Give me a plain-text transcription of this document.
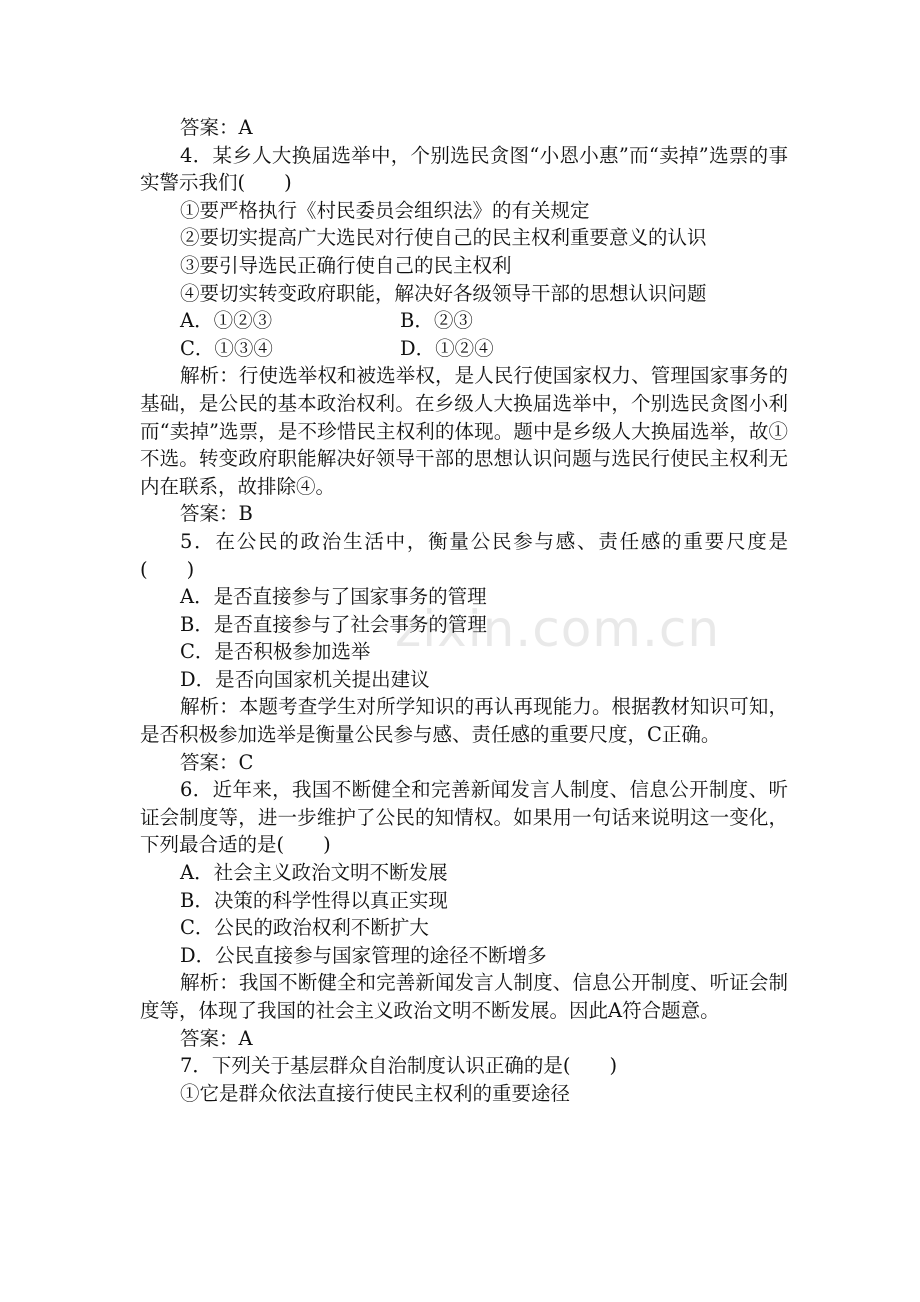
zixin.com.cn

答案：A

4．某乡人大换届选举中，个别选民贪图“小恩小惠”而“卖掉”选票的事实警示我们(　　)

①要严格执行《村民委员会组织法》的有关规定

②要切实提高广大选民对行使自己的民主权利重要意义的认识

③要引导选民正确行使自己的民主权利

④要切实转变政府职能，解决好各级领导干部的思想认识问题

A．①②③	B．②③
C．①③④	D．①②④

解析：行使选举权和被选举权，是人民行使国家权力、管理国家事务的基础，是公民的基本政治权利。在乡级人大换届选举中，个别选民贪图小利而“卖掉”选票，是不珍惜民主权利的体现。题中是乡级人大换届选举，故①不选。转变政府职能解决好领导干部的思想认识问题与选民行使民主权利无内在联系，故排除④。

答案：B

5．在公民的政治生活中，衡量公民参与感、责任感的重要尺度是(　　)

A．是否直接参与了国家事务的管理

B．是否直接参与了社会事务的管理

C．是否积极参加选举

D．是否向国家机关提出建议

解析：本题考查学生对所学知识的再认再现能力。根据教材知识可知，是否积极参加选举是衡量公民参与感、责任感的重要尺度，C正确。

答案：C

6．近年来，我国不断健全和完善新闻发言人制度、信息公开制度、听证会制度等，进一步维护了公民的知情权。如果用一句话来说明这一变化，下列最合适的是(　　)

A．社会主义政治文明不断发展

B．决策的科学性得以真正实现

C．公民的政治权利不断扩大

D．公民直接参与国家管理的途径不断增多

解析：我国不断健全和完善新闻发言人制度、信息公开制度、听证会制度等，体现了我国的社会主义政治文明不断发展。因此A符合题意。

答案：A

7．下列关于基层群众自治制度认识正确的是(　　)

①它是群众依法直接行使民主权利的重要途径
